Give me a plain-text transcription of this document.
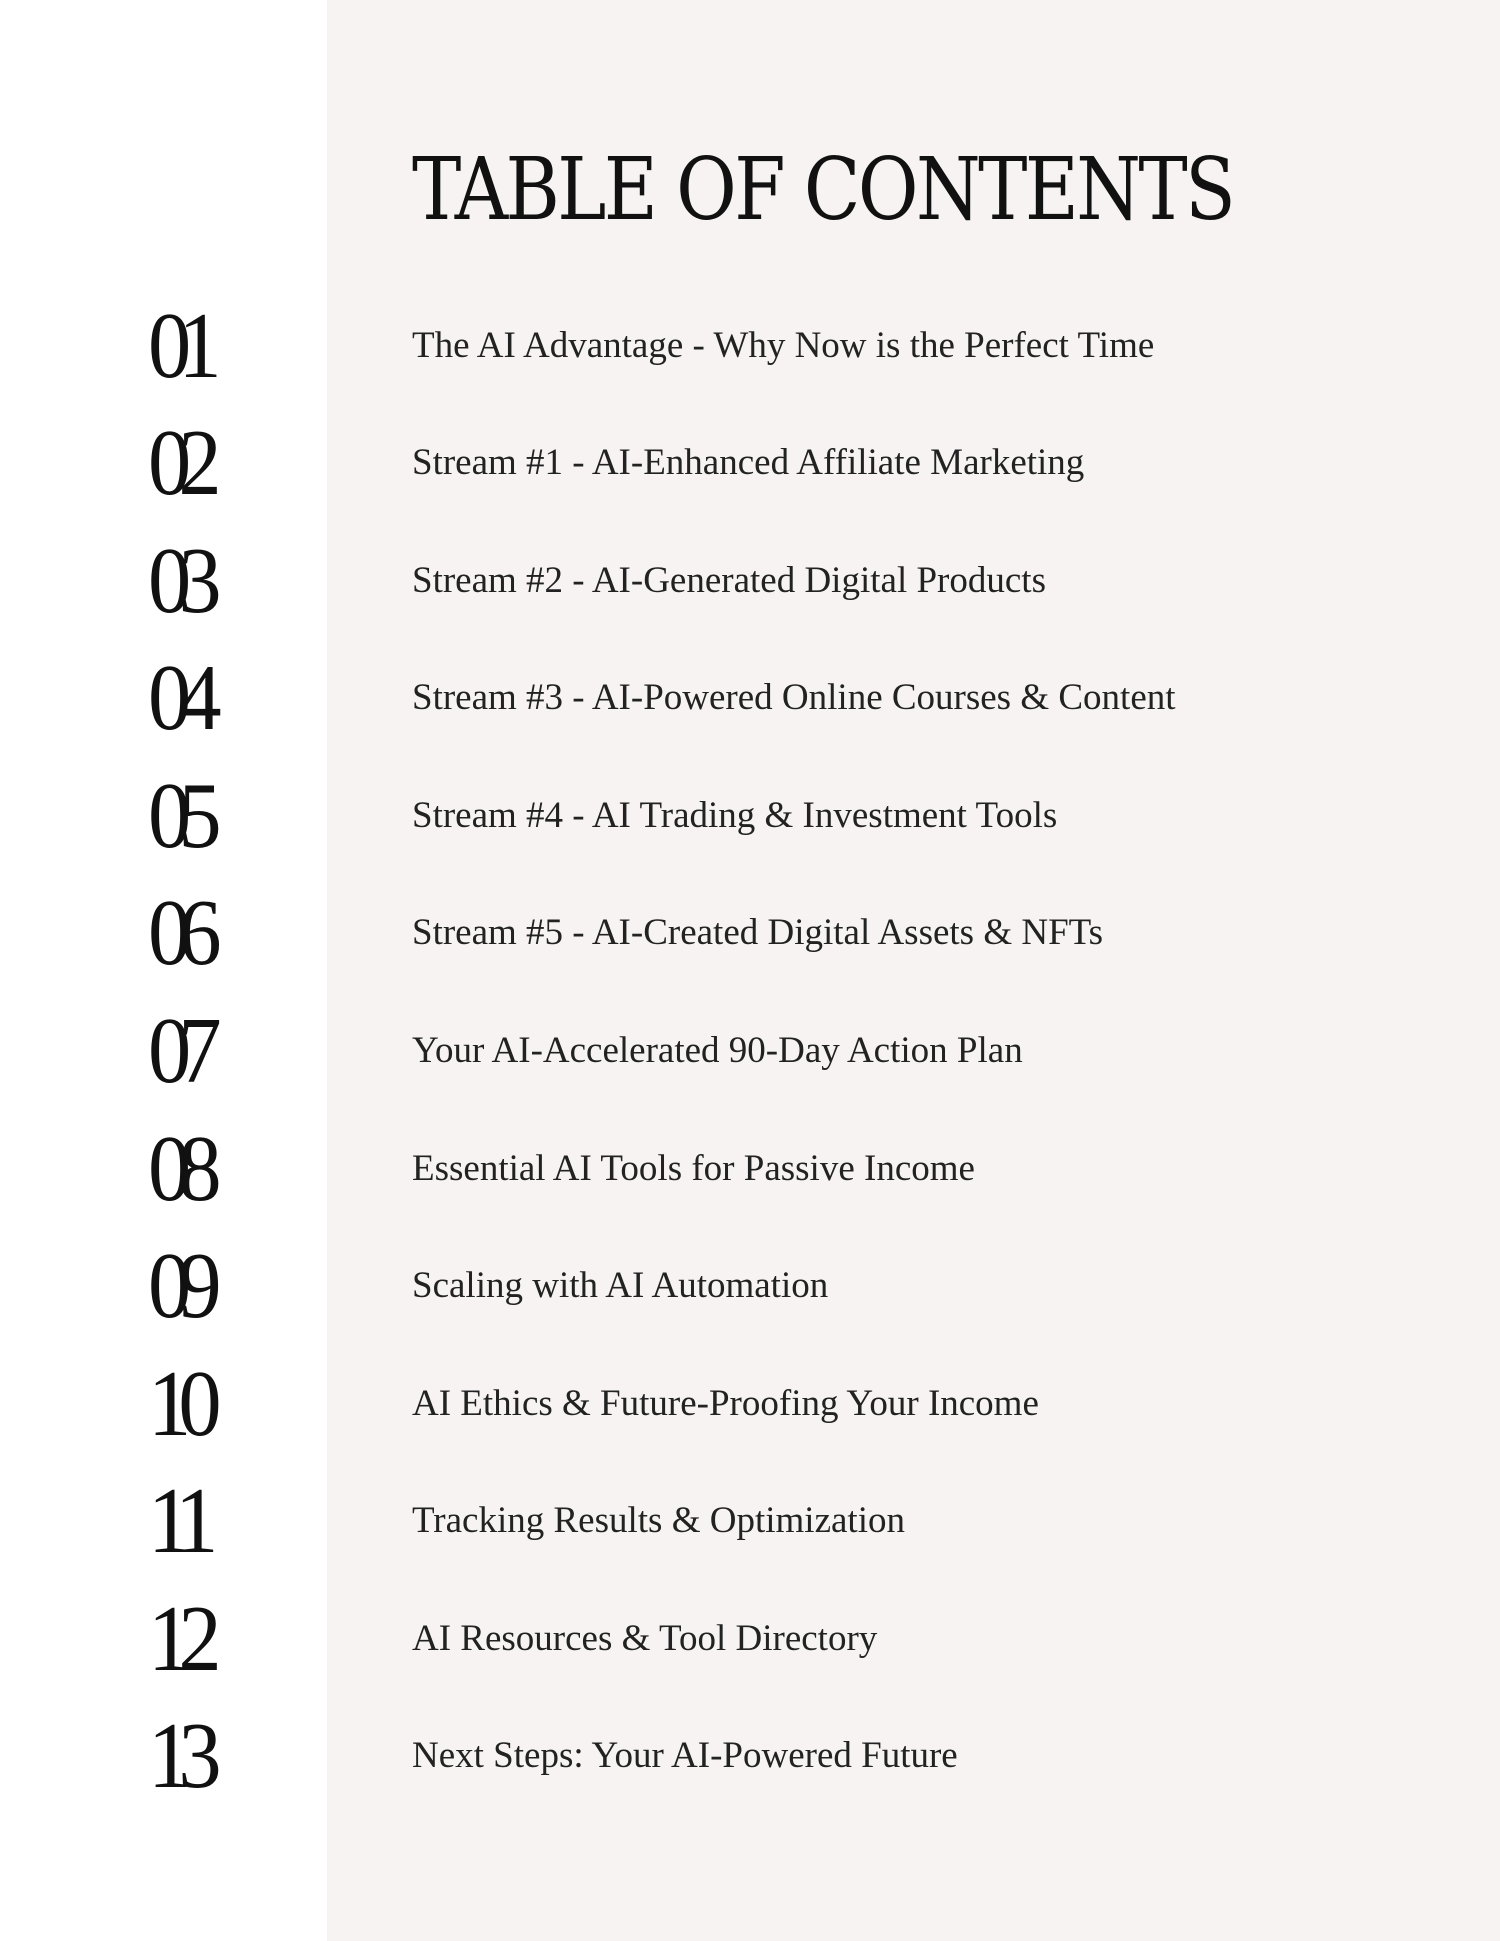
TABLE OF CONTENTS
01	The AI Advantage - Why Now is the Perfect Time
02	Stream #1 - AI-Enhanced Affiliate Marketing
03	Stream #2 - AI-Generated Digital Products
04	Stream #3 - AI-Powered Online Courses & Content
05	Stream #4 - AI Trading & Investment Tools
06	Stream #5 - AI-Created Digital Assets & NFTs
07	Your AI-Accelerated 90-Day Action Plan
08	Essential AI Tools for Passive Income
09	Scaling with AI Automation
10	AI Ethics & Future-Proofing Your Income
11	Tracking Results & Optimization
12	AI Resources & Tool Directory
13	Next Steps: Your AI-Powered Future
